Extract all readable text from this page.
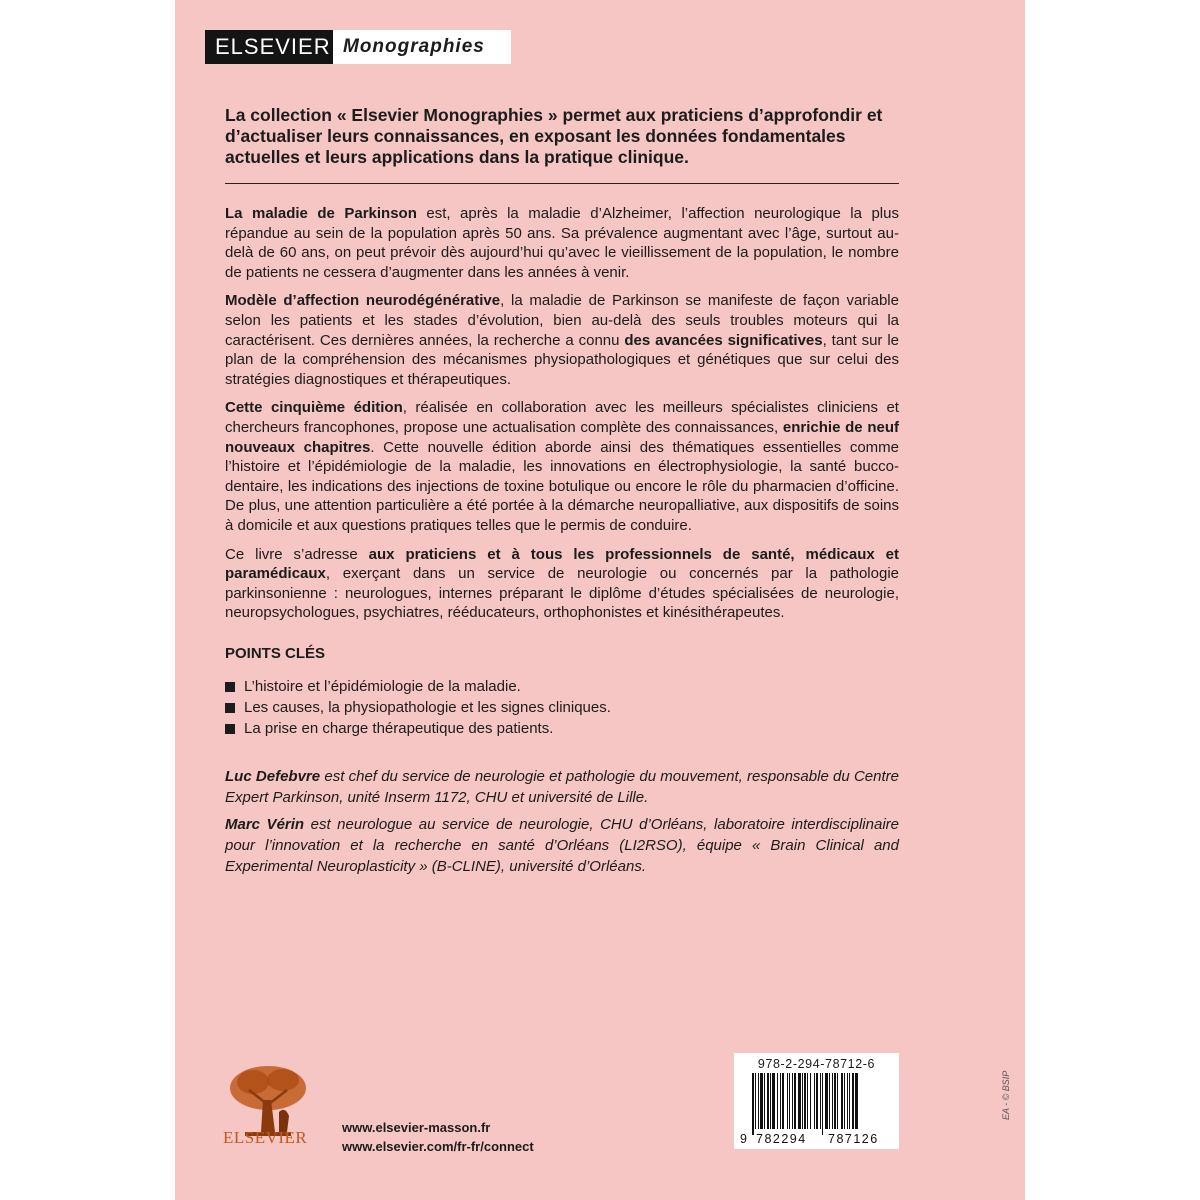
ELSEVIER Monographies
La collection « Elsevier Monographies » permet aux praticiens d’approfondir et d’actualiser leurs connaissances, en exposant les données fondamentales actuelles et leurs applications dans la pratique clinique.

La maladie de Parkinson est, après la maladie d’Alzheimer, l’affection neurologique la plus répandue au sein de la population après 50 ans. Sa prévalence augmentant avec l’âge, surtout au-delà de 60 ans, on peut prévoir dès aujourd’hui qu’avec le vieillissement de la population, le nombre de patients ne cessera d’augmenter dans les années à venir.

Modèle d’affection neurodégénérative, la maladie de Parkinson se manifeste de façon variable selon les patients et les stades d’évolution, bien au-delà des seuls troubles moteurs qui la caractérisent. Ces dernières années, la recherche a connu des avancées significatives, tant sur le plan de la compréhension des mécanismes physiopathologiques et génétiques que sur celui des stratégies diagnostiques et thérapeutiques.

Cette cinquième édition, réalisée en collaboration avec les meilleurs spécialistes cliniciens et chercheurs francophones, propose une actualisation complète des connaissances, enrichie de neuf nouveaux chapitres. Cette nouvelle édition aborde ainsi des thématiques essentielles comme l’histoire et l’épidémiologie de la maladie, les innovations en électrophysiologie, la santé bucco-dentaire, les indications des injections de toxine botulique ou encore le rôle du pharmacien d’officine. De plus, une attention particulière a été portée à la démarche neuropalliative, aux dispositifs de soins à domicile et aux questions pratiques telles que le permis de conduire.

Ce livre s’adresse aux praticiens et à tous les professionnels de santé, médicaux et paramédicaux, exerçant dans un service de neurologie ou concernés par la pathologie parkinsonienne : neurologues, internes préparant le diplôme d’études spécialisées de neurologie, neuropsychologues, psychiatres, rééducateurs, orthophonistes et kinésithérapeutes.

POINTS CLÉS
L’histoire et l’épidémiologie de la maladie.
Les causes, la physiopathologie et les signes cliniques.
La prise en charge thérapeutique des patients.

Luc Defebvre est chef du service de neurologie et pathologie du mouvement, responsable du Centre Expert Parkinson, unité Inserm 1172, CHU et université de Lille.

Marc Vérin est neurologue au service de neurologie, CHU d’Orléans, laboratoire interdisciplinaire pour l’innovation et la recherche en santé d’Orléans (LI2RSO), équipe « Brain Clinical and Experimental Neuroplasticity » (B-CLINE), université d’Orléans.

ELSEVIER
www.elsevier-masson.fr
www.elsevier.com/fr-fr/connect
978-2-294-78712-6
9 782294 787126
EA - © BSIP
